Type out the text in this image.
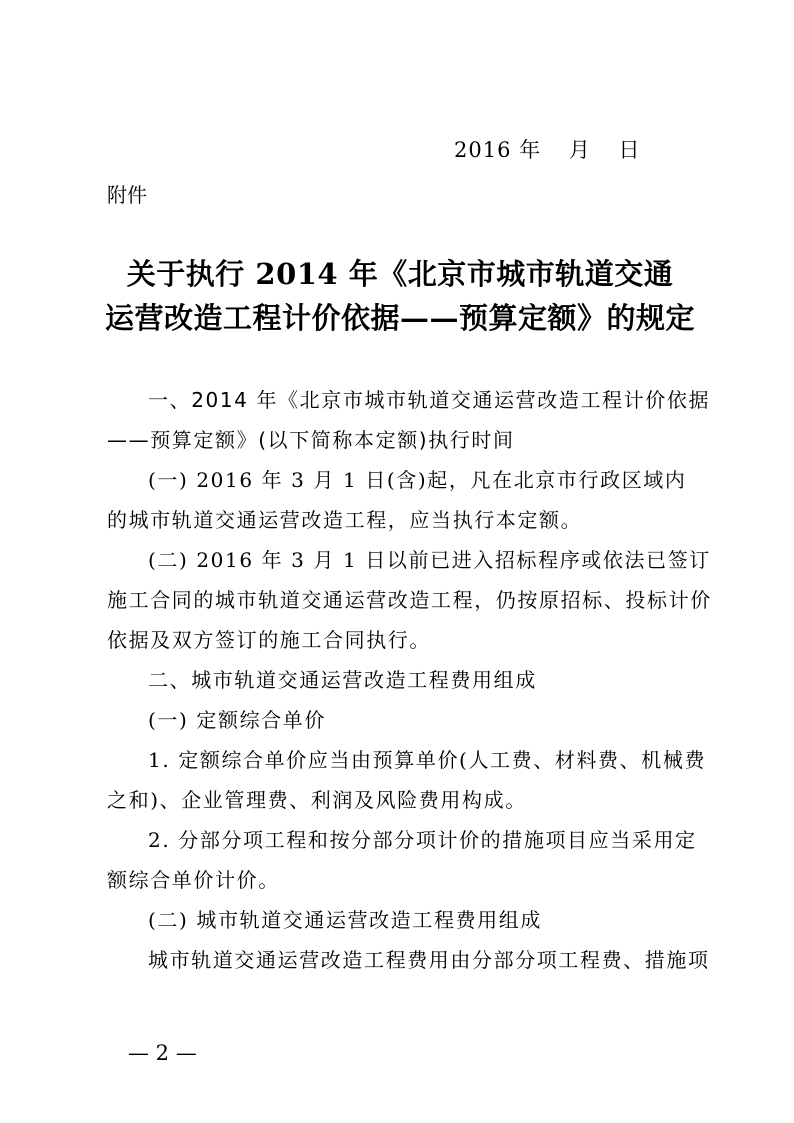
2016 年 月 日
附件
关于执行 2014 年《北京市城市轨道交通
运营改造工程计价依据——预算定额》的规定
一、2014 年《北京市城市轨道交通运营改造工程计价依据
——预算定额》(以下简称本定额)执行时间
(一) 2016 年 3 月 1 日(含)起，凡在北京市行政区域内
的城市轨道交通运营改造工程，应当执行本定额。
(二) 2016 年 3 月 1 日以前已进入招标程序或依法已签订
施工合同的城市轨道交通运营改造工程，仍按原招标、投标计价
依据及双方签订的施工合同执行。
二、城市轨道交通运营改造工程费用组成
(一) 定额综合单价
1. 定额综合单价应当由预算单价(人工费、材料费、机械费
之和)、企业管理费、利润及风险费用构成。
2. 分部分项工程和按分部分项计价的措施项目应当采用定
额综合单价计价。
(二) 城市轨道交通运营改造工程费用组成
城市轨道交通运营改造工程费用由分部分项工程费、措施项
— 2 —
